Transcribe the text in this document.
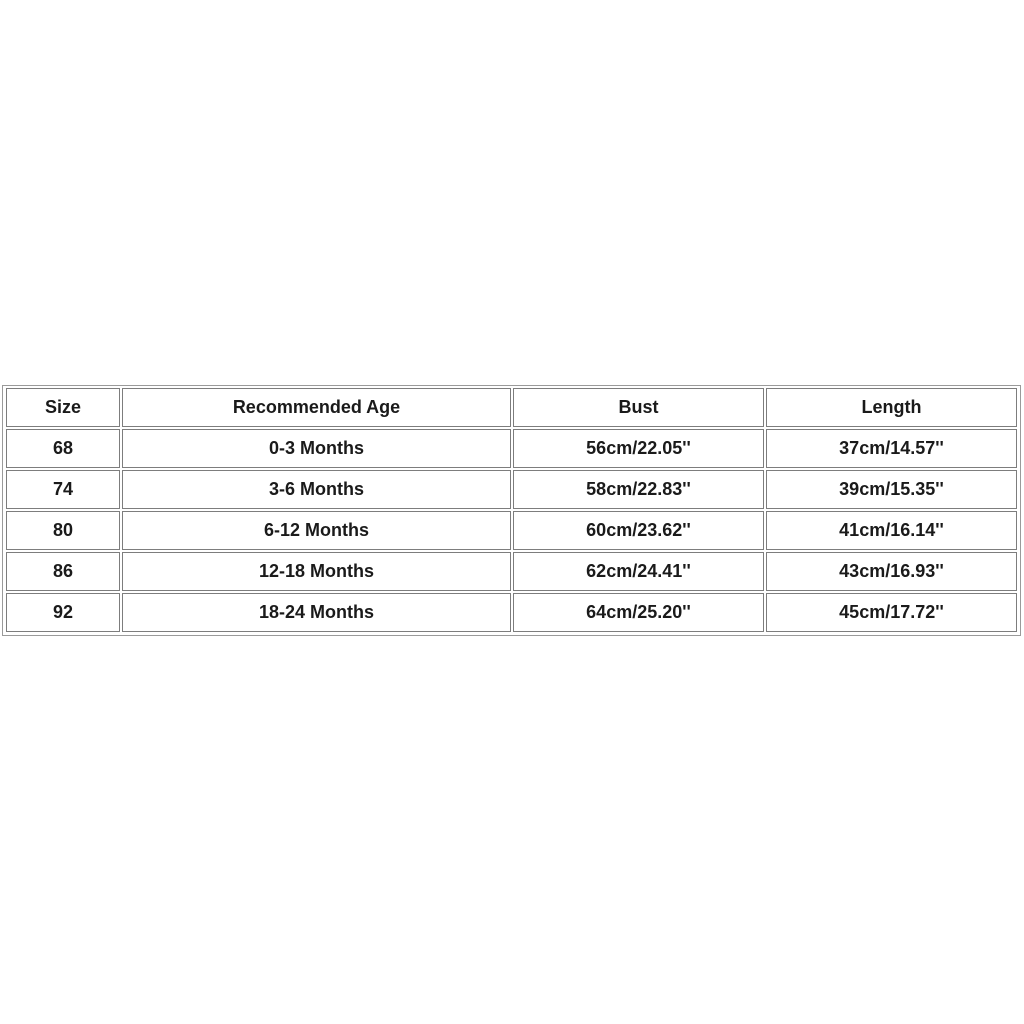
Size	Recommended Age	Bust	Length
68	0-3 Months	56cm/22.05''	37cm/14.57''
74	3-6 Months	58cm/22.83''	39cm/15.35''
80	6-12 Months	60cm/23.62''	41cm/16.14''
86	12-18 Months	62cm/24.41''	43cm/16.93''
92	18-24 Months	64cm/25.20''	45cm/17.72''
